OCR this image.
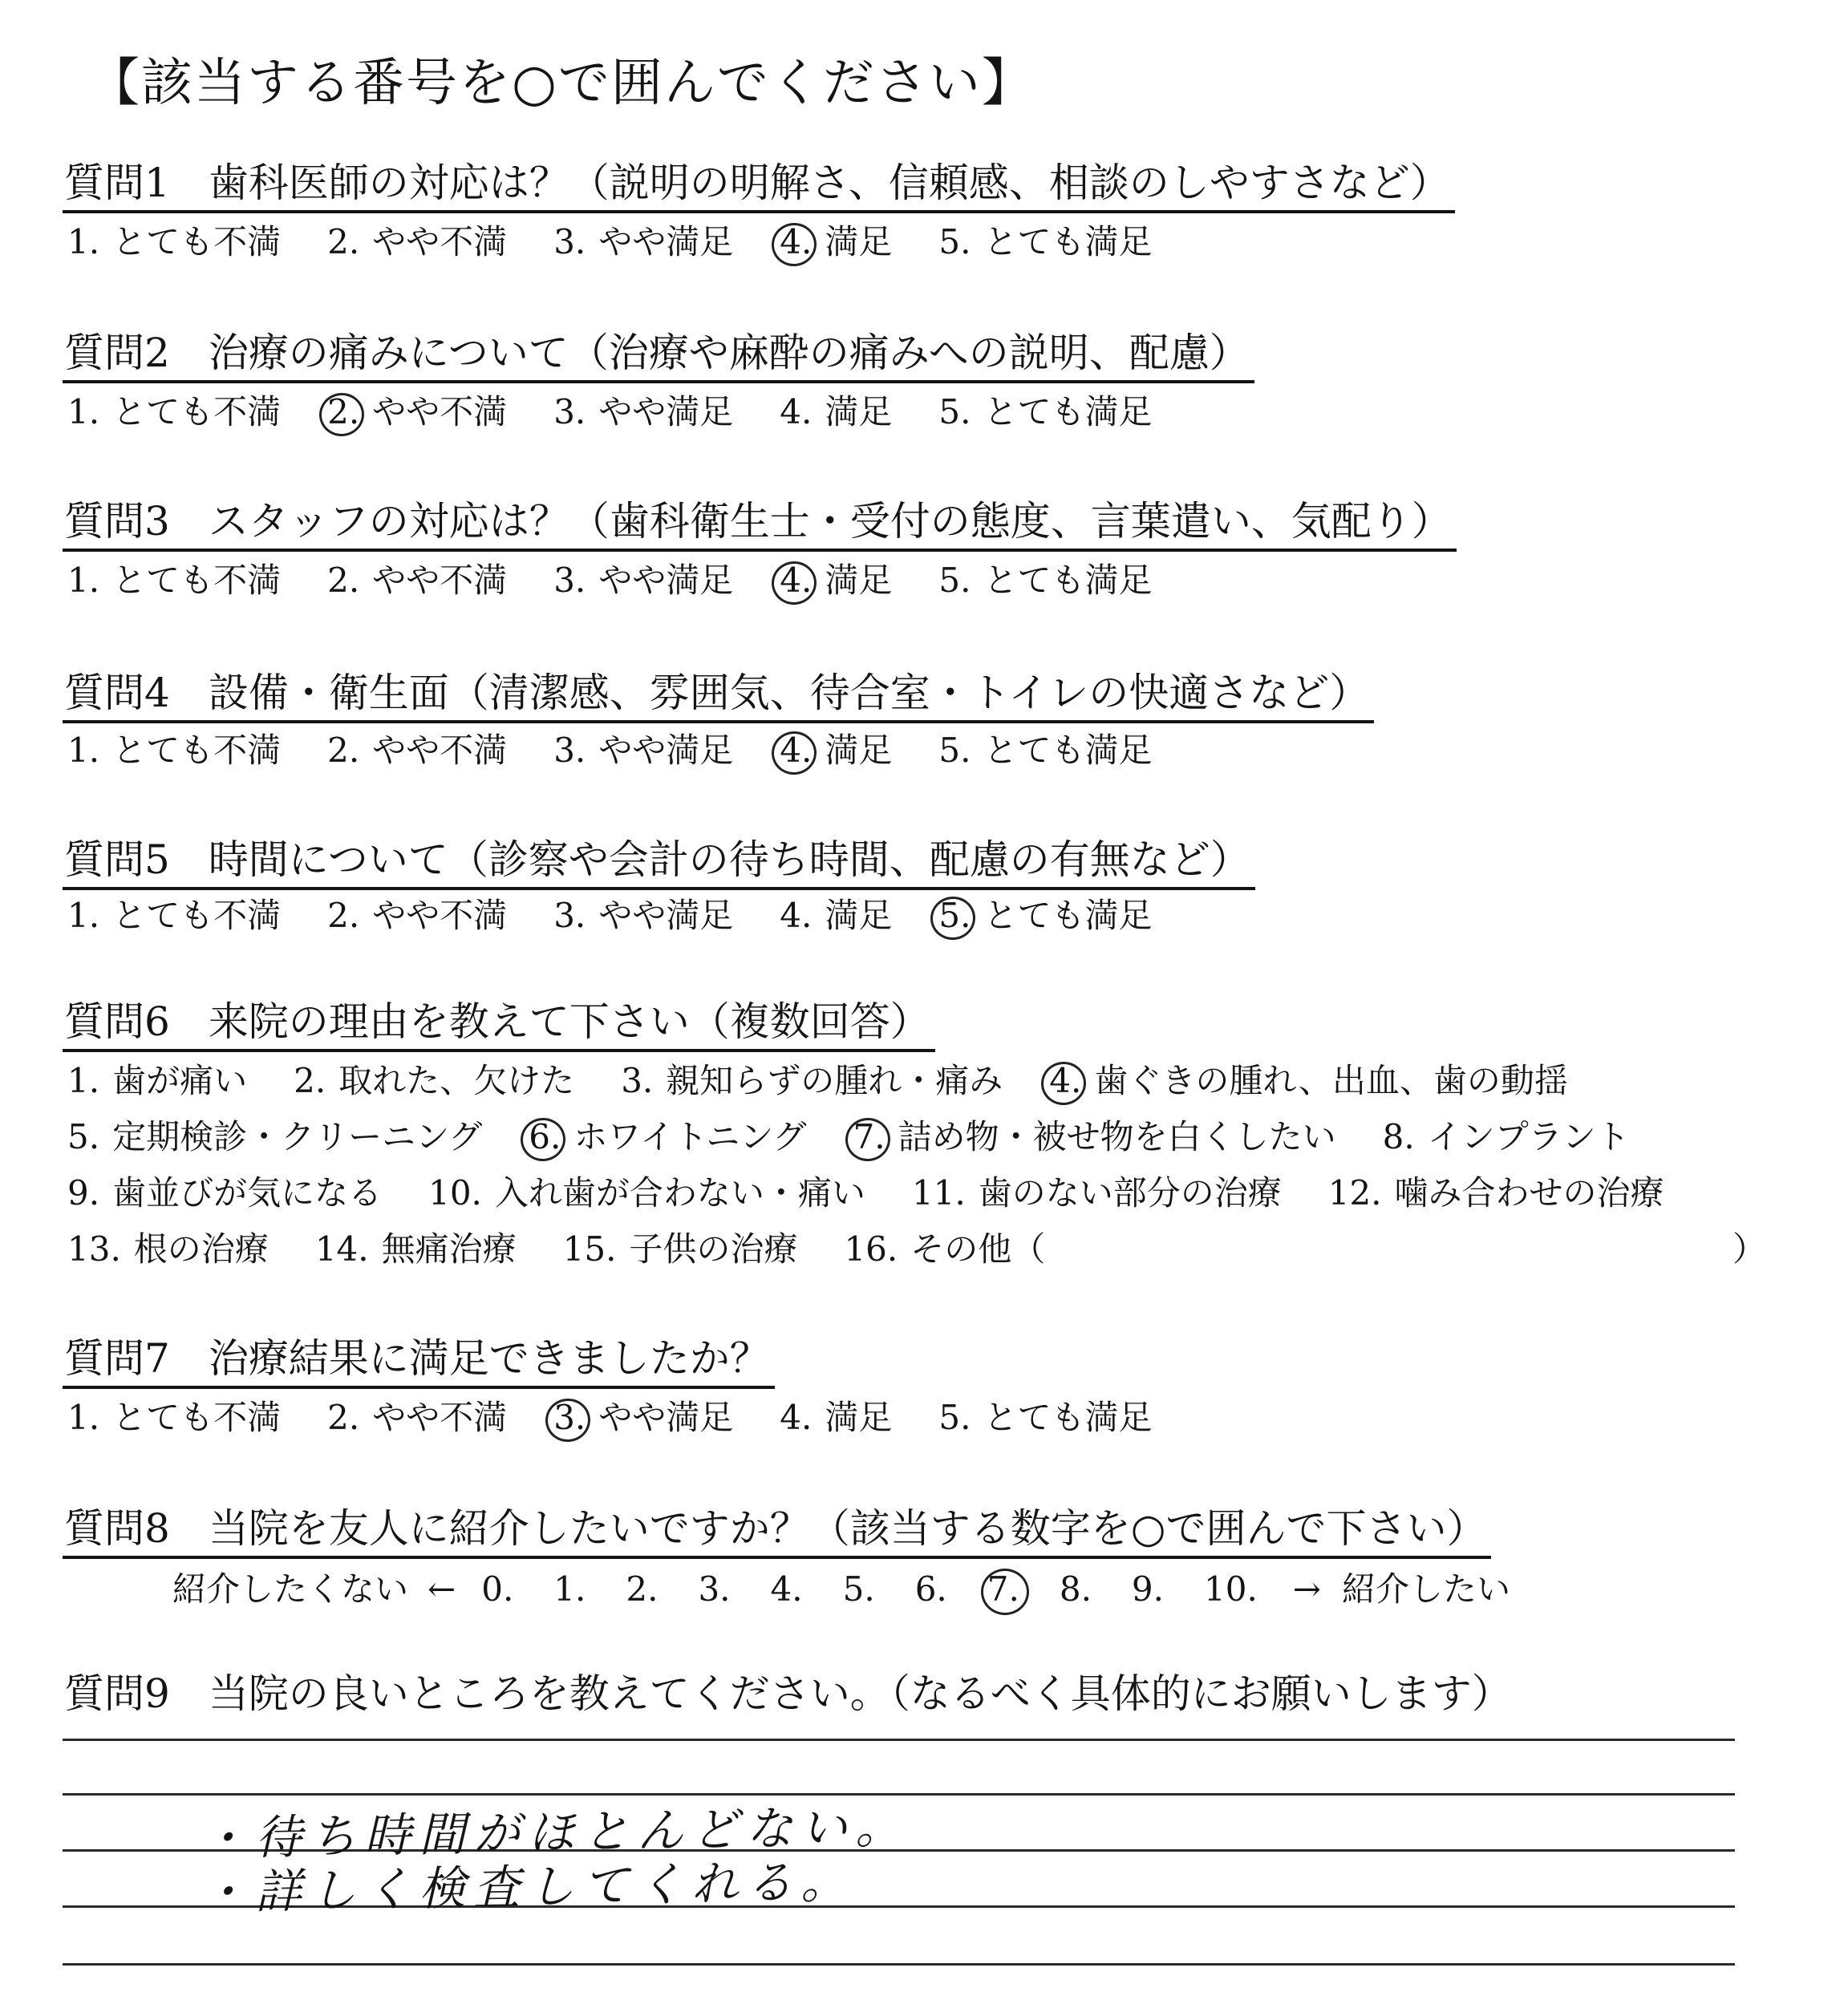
【該当する番号を○で囲んでください】
質問1 歯科医師の対応は？（説明の明解さ、信頼感、相談のしやすさなど）
1. とても不満 2. やや不満 3. やや満足 4. 満足 5. とても満足
質問2 治療の痛みについて（治療や麻酔の痛みへの説明、配慮）
1. とても不満 2. やや不満 3. やや満足 4. 満足 5. とても満足
質問3 スタッフの対応は？（歯科衛生士・受付の態度、言葉遣い、気配り）
1. とても不満 2. やや不満 3. やや満足 4. 満足 5. とても満足
質問4 設備・衛生面（清潔感、雰囲気、待合室・トイレの快適さなど）
1. とても不満 2. やや不満 3. やや満足 4. 満足 5. とても満足
質問5 時間について（診察や会計の待ち時間、配慮の有無など）
1. とても不満 2. やや不満 3. やや満足 4. 満足 5. とても満足
質問6 来院の理由を教えて下さい（複数回答）
1. 歯が痛い 2. 取れた、欠けた 3. 親知らずの腫れ・痛み 4. 歯ぐきの腫れ、出血、歯の動揺
5. 定期検診・クリーニング 6. ホワイトニング 7. 詰め物・被せ物を白くしたい 8. インプラント
9. 歯並びが気になる 10. 入れ歯が合わない・痛い 11. 歯のない部分の治療 12. 噛み合わせの治療
13. 根の治療 14. 無痛治療 15. 子供の治療 16. その他（	）
質問7 治療結果に満足できましたか？
1. とても不満 2. やや不満 3. やや満足 4. 満足 5. とても満足
質問8 当院を友人に紹介したいですか？（該当する数字を○で囲んで下さい）
紹介したくない ← 0. 1. 2. 3. 4. 5. 6. 7. 8. 9. 10. → 紹介したい
質問9 当院の良いところを教えてください。（なるべく具体的にお願いします）
・待ち時間がほとんどない。
・詳しく検査してくれる。
